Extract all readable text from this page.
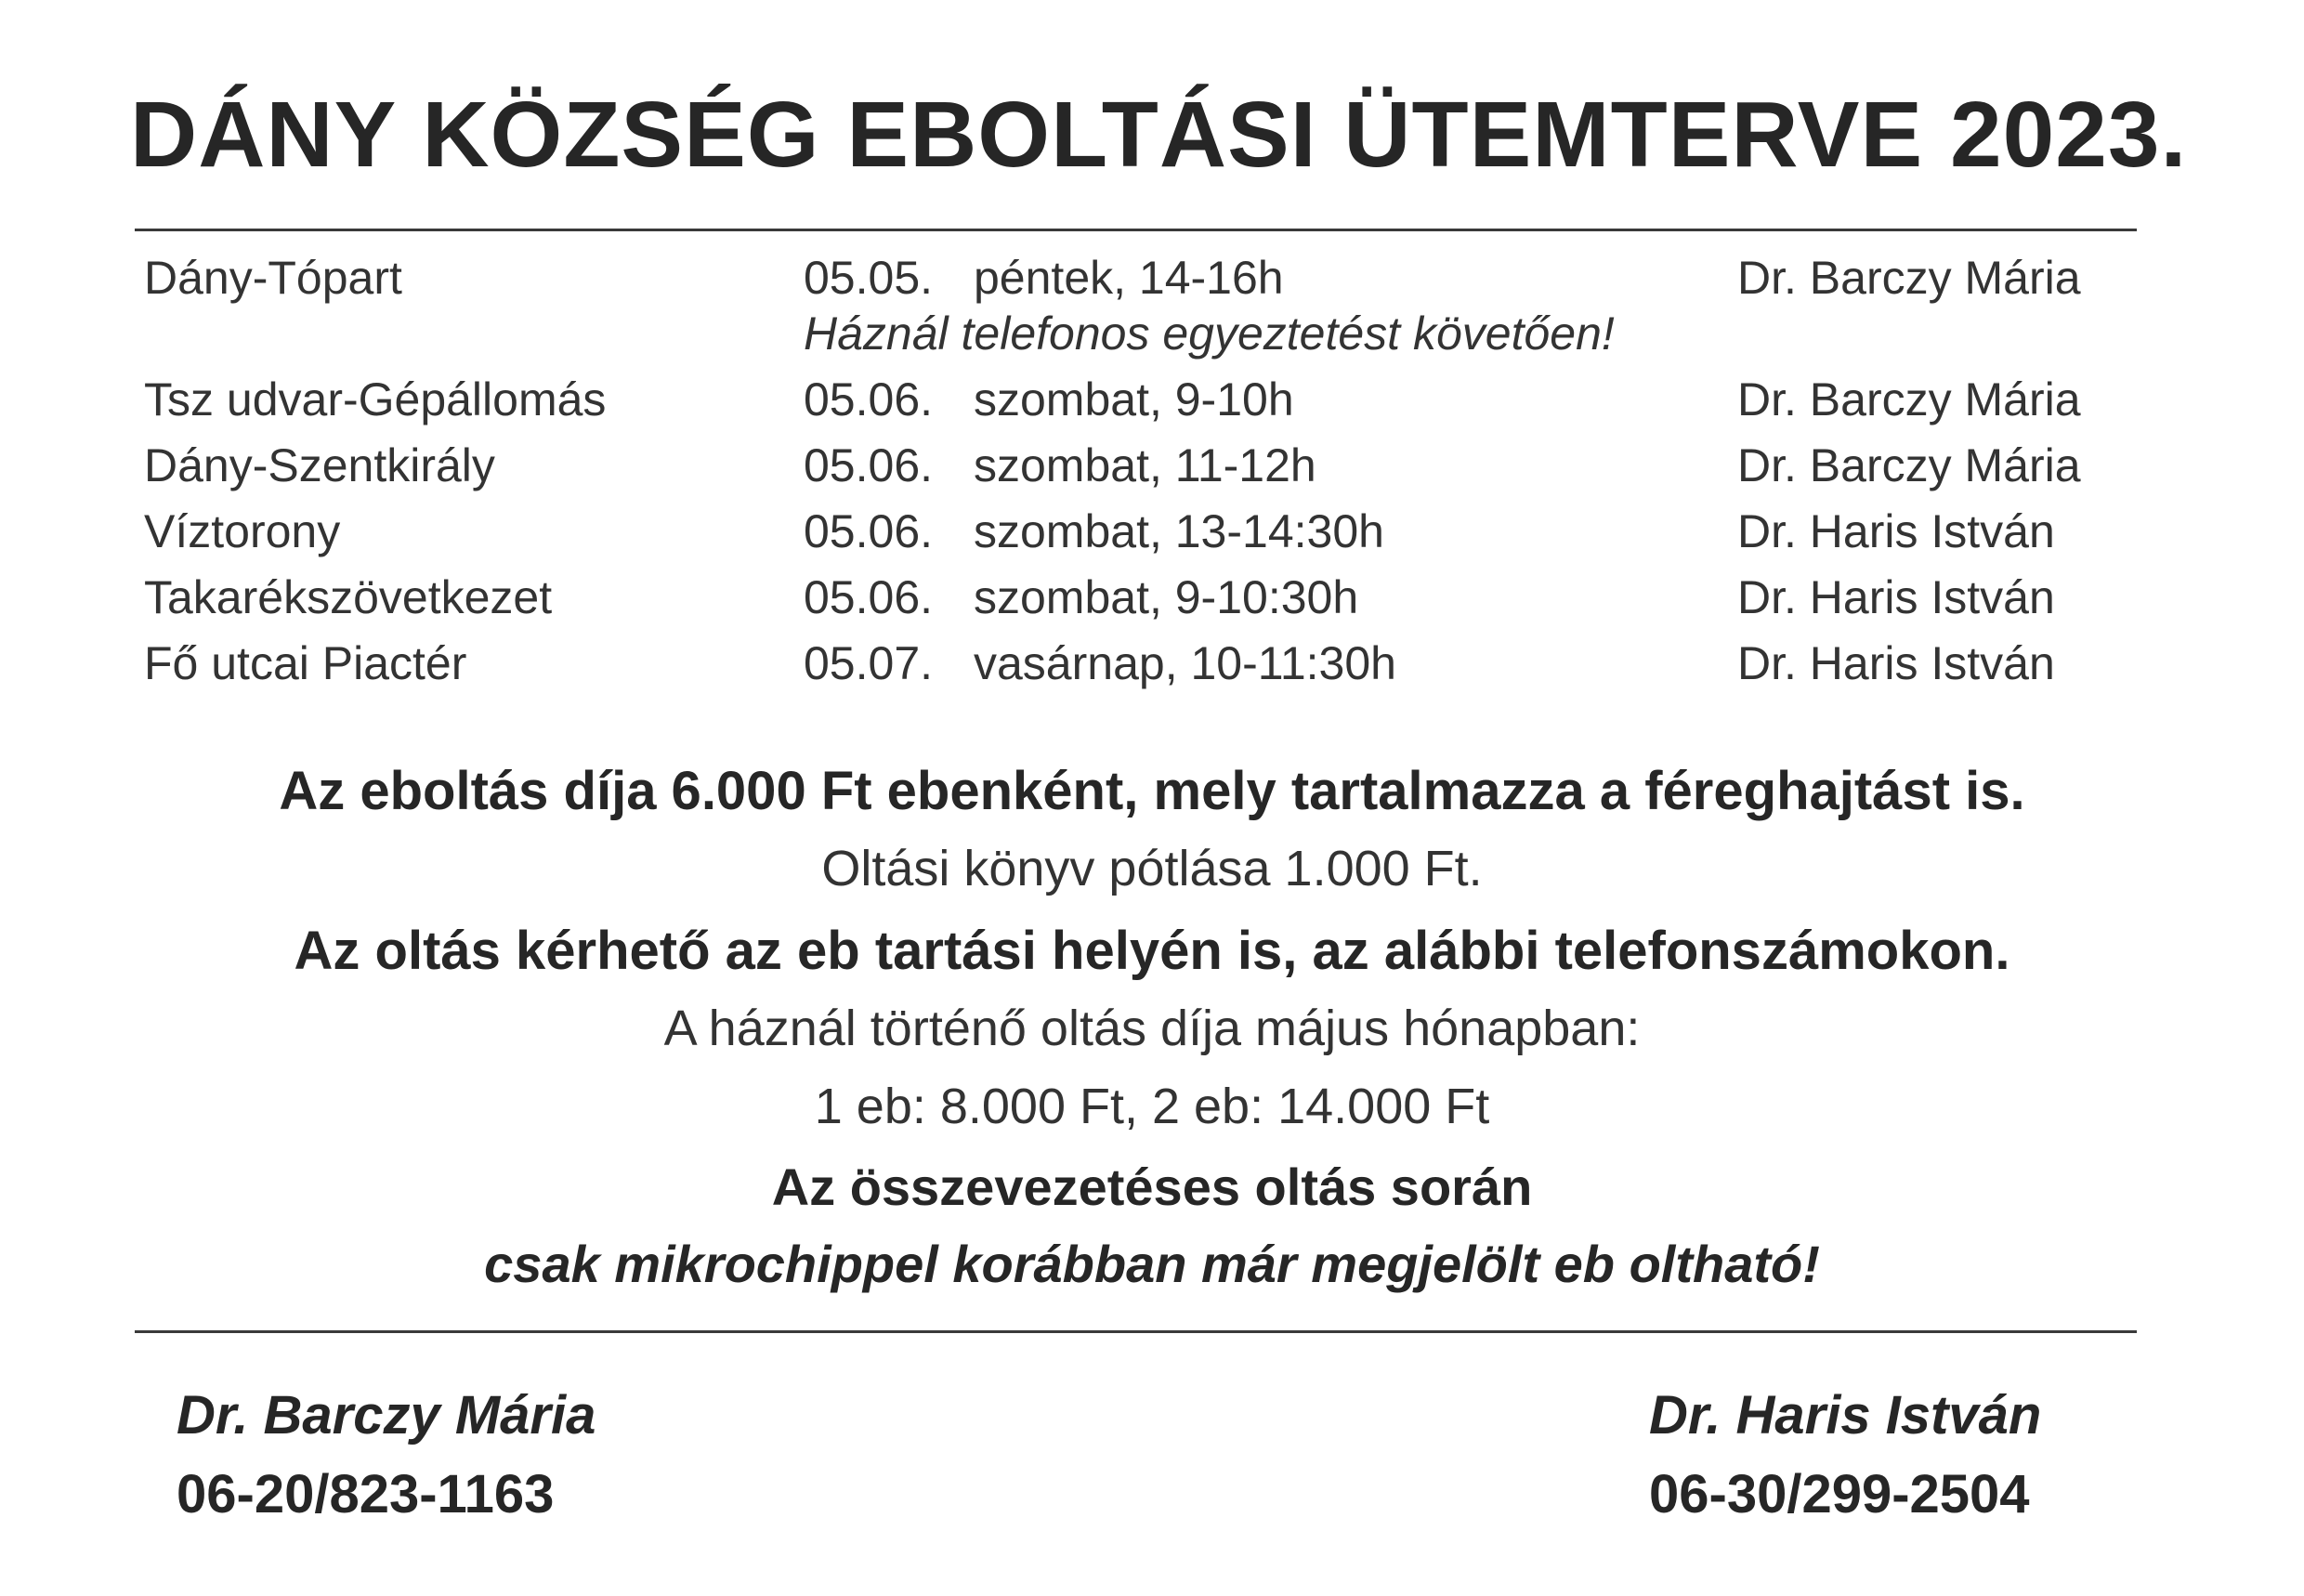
DÁNY KÖZSÉG EBOLTÁSI ÜTEMTERVE 2023.
Dány-Tópart	05.05. péntek, 14-16h	Dr. Barczy Mária
Háznál telefonos egyeztetést követően!
Tsz udvar-Gépállomás	05.06. szombat, 9-10h	Dr. Barczy Mária
Dány-Szentkirály	05.06. szombat, 11-12h	Dr. Barczy Mária
Víztorony	05.06. szombat, 13-14:30h	Dr. Haris István
Takarékszövetkezet	05.06. szombat, 9-10:30h	Dr. Haris István
Fő utcai Piactér	05.07. vasárnap, 10-11:30h	Dr. Haris István
Az eboltás díja 6.000 Ft ebenként, mely tartalmazza a féreghajtást is.
Oltási könyv pótlása 1.000 Ft.
Az oltás kérhető az eb tartási helyén is, az alábbi telefonszámokon.
A háznál történő oltás díja május hónapban:
1 eb: 8.000 Ft, 2 eb: 14.000 Ft
Az összevezetéses oltás során
csak mikrochippel korábban már megjelölt eb oltható!
Dr. Barczy Mária
06-20/823-1163
Dr. Haris István
06-30/299-2504
